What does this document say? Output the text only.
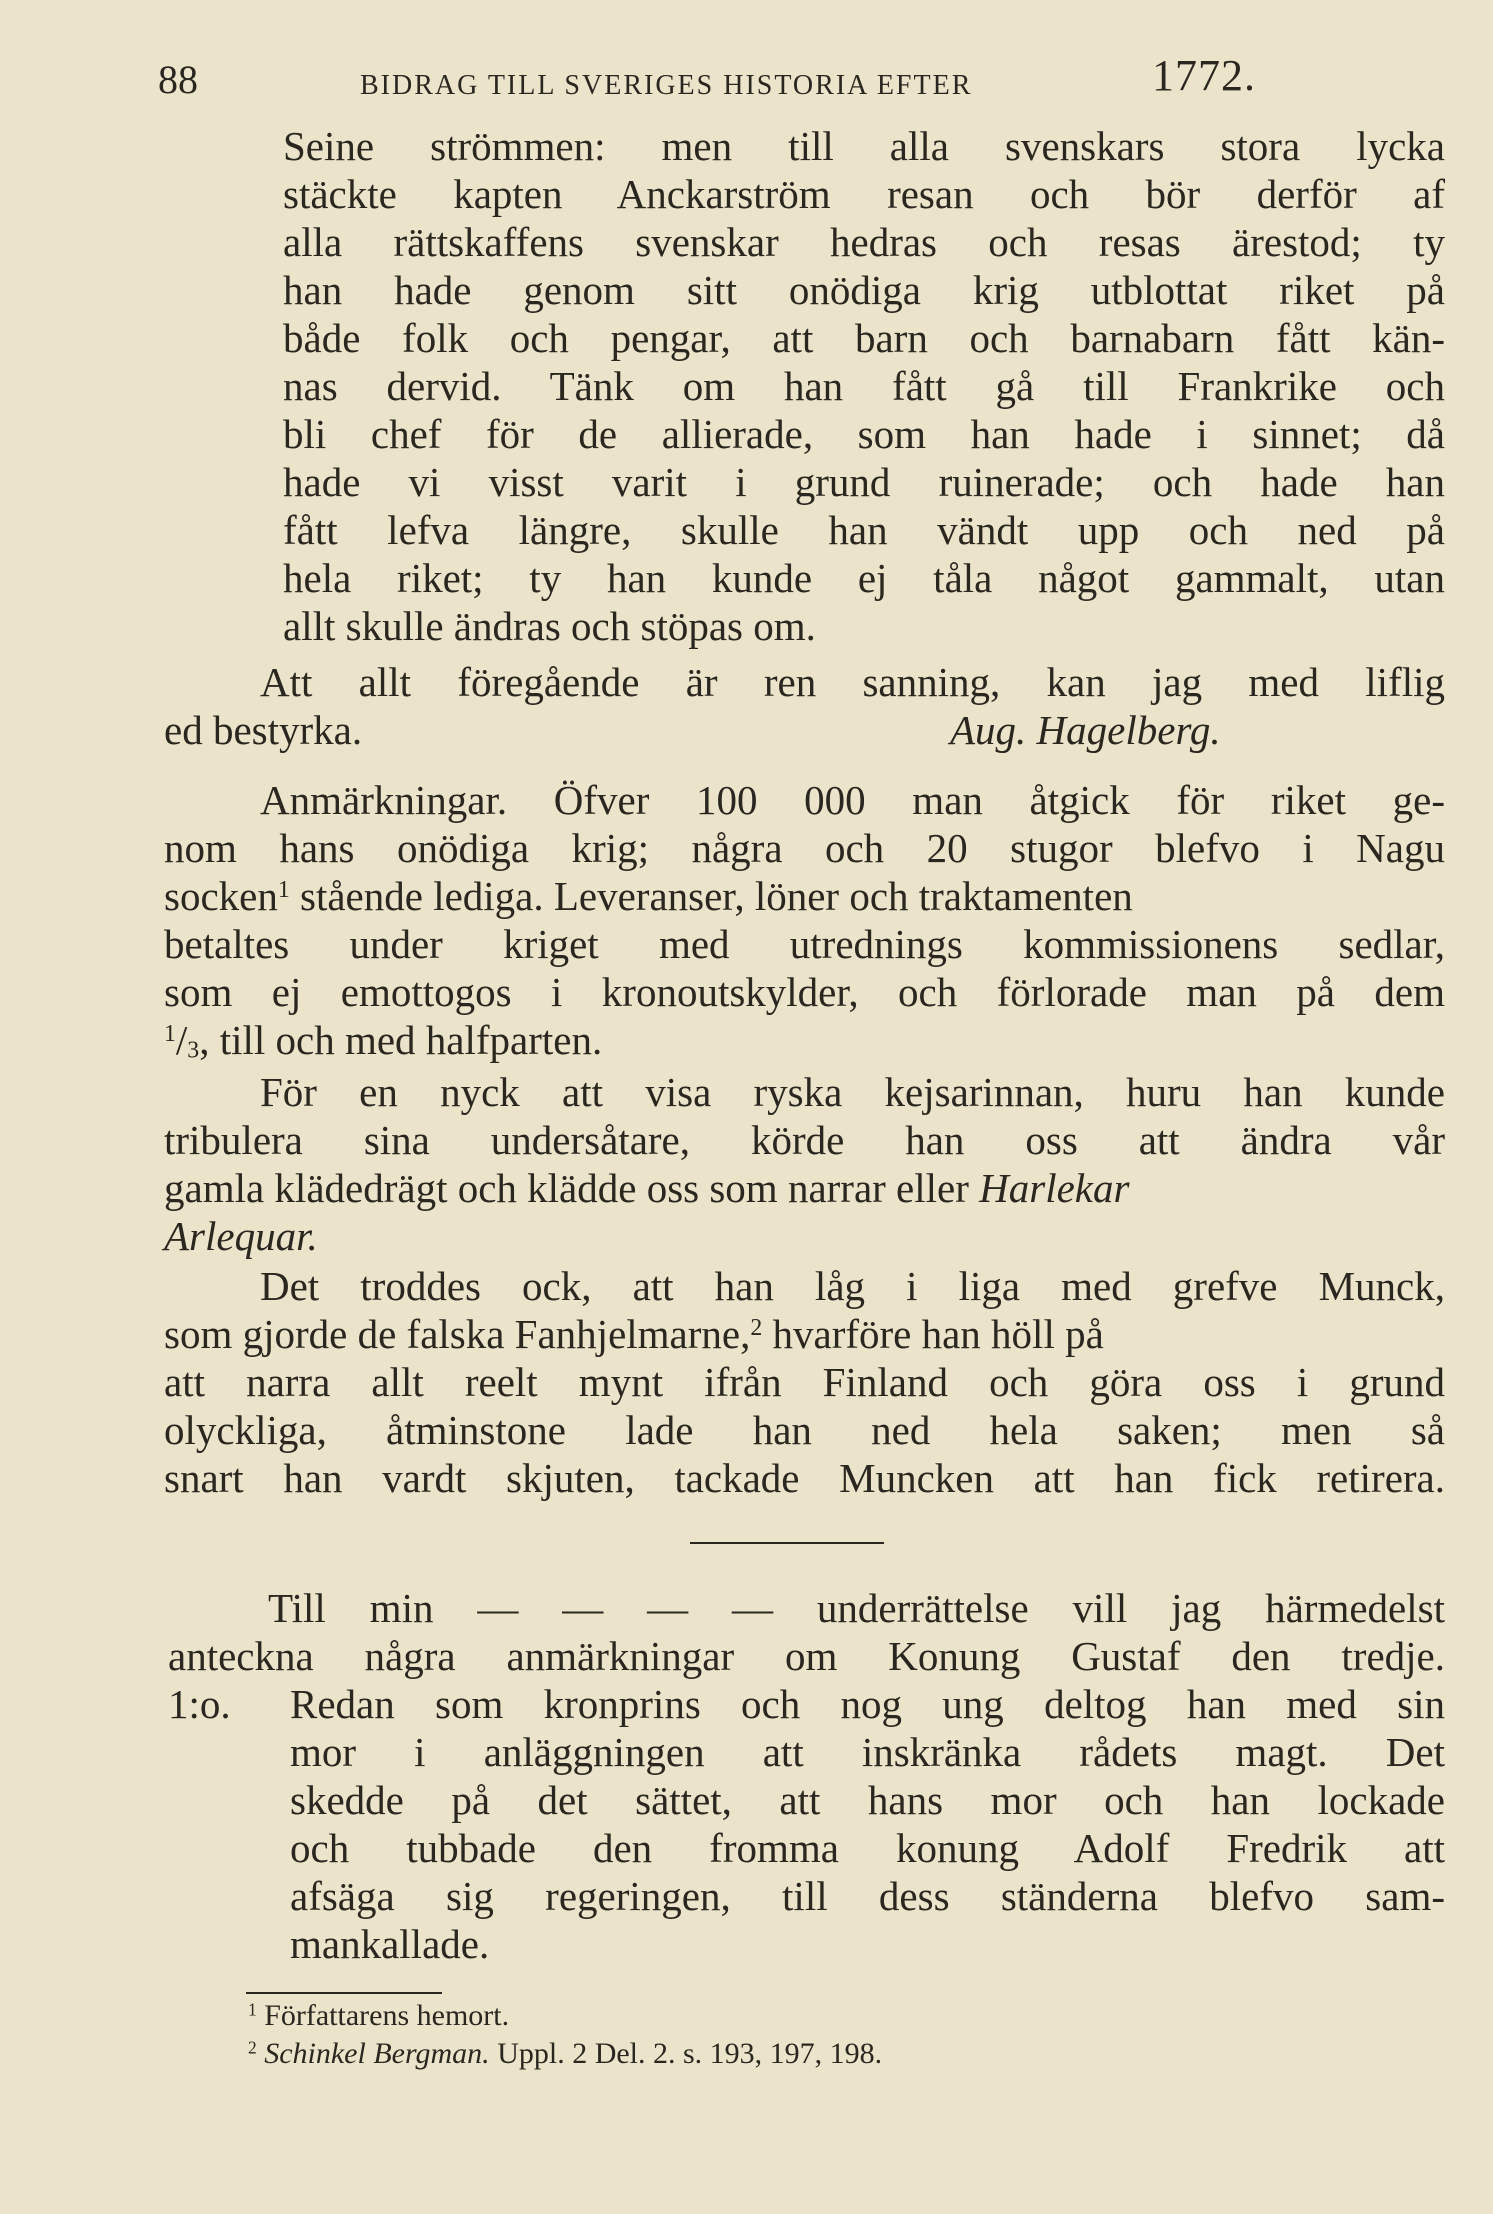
88	BIDRAG TILL SVERIGES HISTORIA EFTER	1772.
Seine strömmen: men till alla svenskars stora lycka
stäckte kapten Anckarström resan och bör derför af
alla rättskaffens svenskar hedras och resas ärestod; ty
han hade genom sitt onödiga krig utblottat riket på
både folk och pengar, att barn och barnabarn fått kän-
nas dervid. Tänk om han fått gå till Frankrike och
bli chef för de allierade, som han hade i sinnet; då
hade vi visst varit i grund ruinerade; och hade han
fått lefva längre, skulle han vändt upp och ned på
hela riket; ty han kunde ej tåla något gammalt, utan
allt skulle ändras och stöpas om.
Att allt föregående är ren sanning, kan jag med liflig
ed bestyrka.	Aug. Hagelberg.
Anmärkningar. Öfver 100 000 man åtgick för riket ge-
nom hans onödiga krig; några och 20 stugor blefvo i Nagu
socken$^1$ stående lediga. Leveranser, löner och traktamenten
betaltes under kriget med utrednings kommissionens sedlar,
som ej emottogos i kronoutskylder, och förlorade man på dem
$^1/_3$, till och med halfparten.
För en nyck att visa ryska kejsarinnan, huru han kunde
tribulera sina undersåtare, körde han oss att ändra vår
gamla klädedrägt och klädde oss som narrar eller Harlekar
Arlequar.
Det troddes ock, att han låg i liga med grefve Munck,
som gjorde de falska Fanhjelmarne,$^2$ hvarföre han höll på
att narra allt reelt mynt ifrån Finland och göra oss i grund
olyckliga, åtminstone lade han ned hela saken; men så
snart han vardt skjuten, tackade Muncken att han fick retirera.
Till min — — — — underrättelse vill jag härmedelst
anteckna några anmärkningar om Konung Gustaf den tredje.
1:o. Redan som kronprins och nog ung deltog han med sin
mor i anläggningen att inskränka rådets magt. Det
skedde på det sättet, att hans mor och han lockade
och tubbade den fromma konung Adolf Fredrik att
afsäga sig regeringen, till dess ständerna blefvo sam-
mankallade.
$^1$ Författarens hemort.
$^2$ Schinkel Bergman. Uppl. 2 Del. 2. s. 193, 197, 198.
